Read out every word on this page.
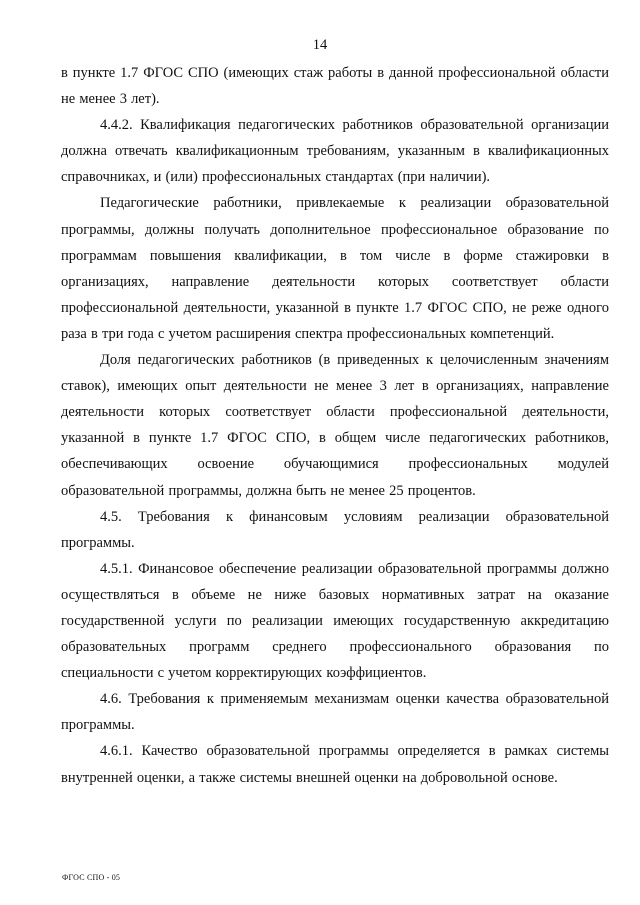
14

в пункте 1.7 ФГОС СПО (имеющих стаж работы в данной профессиональной области не менее 3 лет).

4.4.2. Квалификация педагогических работников образовательной организации должна отвечать квалификационным требованиям, указанным в квалификационных справочниках, и (или) профессиональных стандартах (при наличии).

Педагогические работники, привлекаемые к реализации образовательной программы, должны получать дополнительное профессиональное образование по программам повышения квалификации, в том числе в форме стажировки в организациях, направление деятельности которых соответствует области профессиональной деятельности, указанной в пункте 1.7 ФГОС СПО, не реже одного раза в три года с учетом расширения спектра профессиональных компетенций.

Доля педагогических работников (в приведенных к целочисленным значениям ставок), имеющих опыт деятельности не менее 3 лет в организациях, направление деятельности которых соответствует области профессиональной деятельности, указанной в пункте 1.7 ФГОС СПО, в общем числе педагогических работников, обеспечивающих освоение обучающимися профессиональных модулей образовательной программы, должна быть не менее 25 процентов.

4.5. Требования к финансовым условиям реализации образовательной программы.

4.5.1. Финансовое обеспечение реализации образовательной программы должно осуществляться в объеме не ниже базовых нормативных затрат на оказание государственной услуги по реализации имеющих государственную аккредитацию образовательных программ среднего профессионального образования по специальности с учетом корректирующих коэффициентов.

4.6. Требования к применяемым механизмам оценки качества образовательной программы.

4.6.1. Качество образовательной программы определяется в рамках системы внутренней оценки, а также системы внешней оценки на добровольной основе.

ФГОС СПО - 05
